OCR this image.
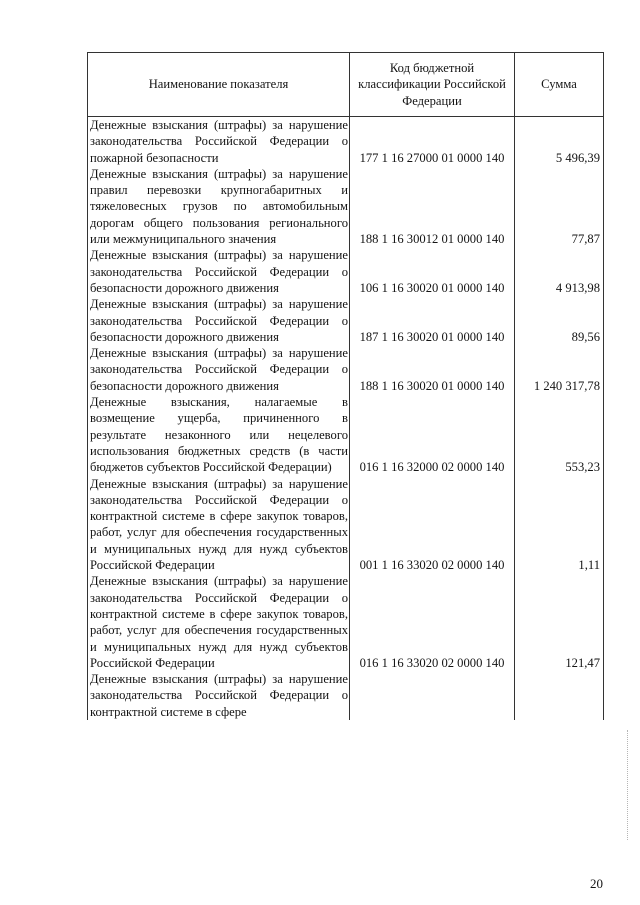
Наименование показателя	Код бюджетной классификации Российской Федерации	Сумма
Денежные взыскания (штрафы) за нарушение законодательства Российской Федерации о пожарной безопасности	177 1 16 27000 01 0000 140	5 496,39
Денежные взыскания (штрафы) за нарушение правил перевозки крупногабаритных и тяжеловесных грузов по автомобильным дорогам общего пользования регионального или межмуниципального значения	188 1 16 30012 01 0000 140	77,87
Денежные взыскания (штрафы) за нарушение законодательства Российской Федерации о безопасности дорожного движения	106 1 16 30020 01 0000 140	4 913,98
Денежные взыскания (штрафы) за нарушение законодательства Российской Федерации о безопасности дорожного движения	187 1 16 30020 01 0000 140	89,56
Денежные взыскания (штрафы) за нарушение законодательства Российской Федерации о безопасности дорожного движения	188 1 16 30020 01 0000 140	1 240 317,78
Денежные взыскания, налагаемые в возмещение ущерба, причиненного в результате незаконного или нецелевого использования бюджетных средств (в части бюджетов субъектов Российской Федерации)	016 1 16 32000 02 0000 140	553,23
Денежные взыскания (штрафы) за нарушение законодательства Российской Федерации о контрактной системе в сфере закупок товаров, работ, услуг для обеспечения государственных и муниципальных нужд для нужд субъектов Российской Федерации	001 1 16 33020 02 0000 140	1,11
Денежные взыскания (штрафы) за нарушение законодательства Российской Федерации о контрактной системе в сфере закупок товаров, работ, услуг для обеспечения государственных и муниципальных нужд для нужд субъектов Российской Федерации	016 1 16 33020 02 0000 140	121,47
Денежные взыскания (штрафы) за нарушение законодательства Российской Федерации о контрактной системе в сфере		
20
